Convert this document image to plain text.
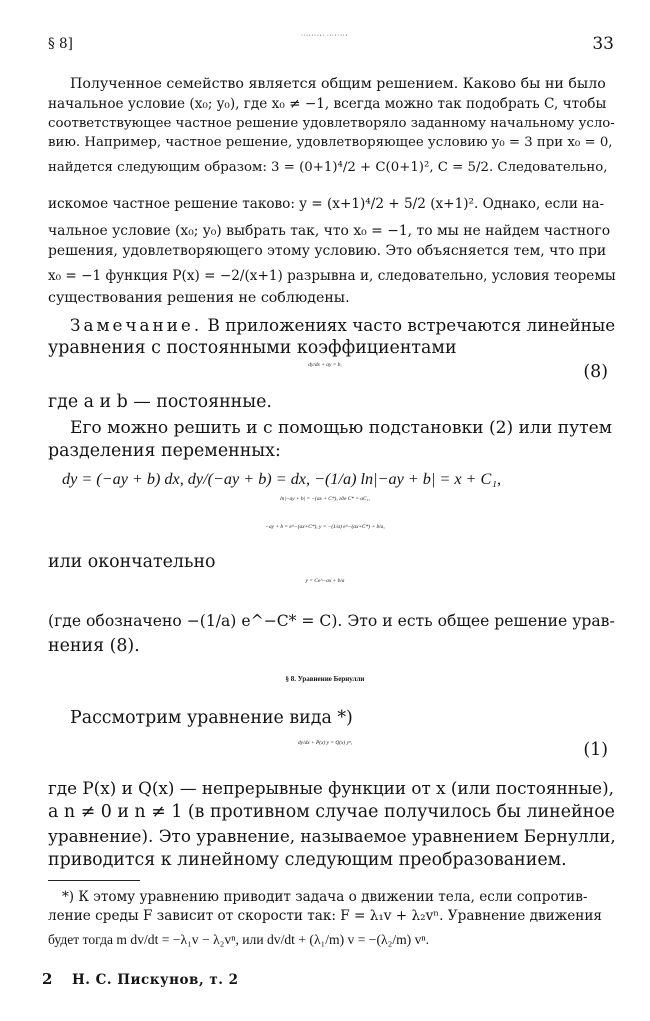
§ 8]	УРАВНЕНИЕ БЕРНУЛЛИ	33
Полученное семейство является общим решением. Каково бы ни было
начальное условие (x₀; y₀), где x₀ ≠ −1, всегда можно так подобрать C, чтобы
соответствующее частное решение удовлетворяло заданному начальному усло-
вию. Например, частное решение, удовлетворяющее условию y₀ = 3 при x₀ = 0,
найдется следующим образом: 3 = (0+1)⁴/2 + C(0+1)², C = 5/2. Следовательно,
искомое частное решение таково: y = (x+1)⁴/2 + 5/2 (x+1)². Однако, если на-
чальное условие (x₀; y₀) выбрать так, что x₀ = −1, то мы не найдем частного
решения, удовлетворяющего этому условию. Это объясняется тем, что при
x₀ = −1 функция P(x) = −2/(x+1) разрывна и, следовательно, условия теоремы
существования решения не соблюдены.
Замечание. В приложениях часто встречаются линейные
уравнения с постоянными коэффициентами
dy/dx + ay = b,	(8)
где a и b — постоянные.
Его можно решить и с помощью подстановки (2) или путем
разделения переменных:
dy = (−ay + b) dx, dy/(−ay + b) = dx, −(1/a) ln|−ay + b| = x + C₁,
ln|−ay + b| = −(ax + C*), где C* = aC₁,
−ay + b = e^−(ax+C*), y = −(1/a) e^−(ax+C*) + b/a,
или окончательно
y = Ce^−ax + b/a
(где обозначено −(1/a) e^−C* = C). Это и есть общее решение урав-
нения (8).
§ 8. Уравнение Бернулли
Рассмотрим уравнение вида *)
dy/dx + P(x) y = Q(x) yⁿ,	(1)
где P(x) и Q(x) — непрерывные функции от x (или постоянные),
а n ≠ 0 и n ≠ 1 (в противном случае получилось бы линейное
уравнение). Это уравнение, называемое уравнением Бернулли,
приводится к линейному следующим преобразованием.
*) К этому уравнению приводит задача о движении тела, если сопротив-
ление среды F зависит от скорости так: F = λ₁v + λ₂vⁿ. Уравнение движения
будет тогда m dv/dt = −λ₁v − λ₂vⁿ, или dv/dt + (λ₁/m) v = −(λ₂/m) vⁿ.
2 Н. С. Пискунов, т. 2
